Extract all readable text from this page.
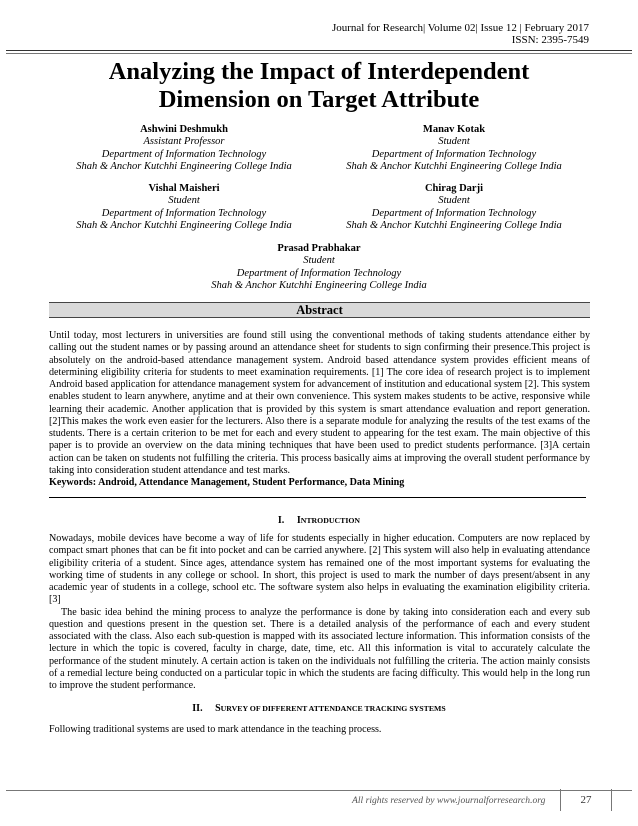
Journal for Research| Volume 02| Issue 12 | February 2017
ISSN: 2395-7549
Analyzing the Impact of Interdependent
Dimension on Target Attribute
Ashwini Deshmukh
Assistant Professor
Department of Information Technology
Shah & Anchor Kutchhi Engineering College India
Manav Kotak
Student
Department of Information Technology
Shah & Anchor Kutchhi Engineering College India
Vishal Maisheri
Student
Department of Information Technology
Shah & Anchor Kutchhi Engineering College India
Chirag Darji
Student
Department of Information Technology
Shah & Anchor Kutchhi Engineering College India
Prasad Prabhakar
Student
Department of Information Technology
Shah & Anchor Kutchhi Engineering College India
Abstract
Until today, most lecturers in universities are found still using the conventional methods of taking students attendance either by calling out the student names or by passing around an attendance sheet for students to sign confirming their presence.This project is absolutely on the android-based attendance management system. Android based attendance system provides efficient means of determining eligibility criteria for students to meet examination requirements. [1] The core idea of research project is to implement Android based application for attendance management system for advancement of institution and educational system [2]. This system enables student to learn anywhere, anytime and at their own convenience. This system makes students to be active, responsive while learning their academic. Another application that is provided by this system is smart attendance evaluation and report generation. [2]This makes the work even easier for the lecturers. Also there is a separate module for analyzing the results of the test exams of the students. There is a certain criterion to be met for each and every student to appearing for the test exam. The main objective of this paper is to provide an overview on the data mining techniques that have been used to predict students performance. [3]A certain action can be taken on students not fulfilling the criteria. This process basically aims at improving the overall student performance by taking into consideration student attendance and test marks.
Keywords: Android, Attendance Management, Student Performance, Data Mining
I. INTRODUCTION
Nowadays, mobile devices have become a way of life for students especially in higher education. Computers are now replaced by compact smart phones that can be fit into pocket and can be carried anywhere. [2] This system will also help in evaluating attendance eligibility criteria of a student. Since ages, attendance system has remained one of the most important systems for evaluating the working time of students in any college or school. In short, this project is used to mark the number of days present/absent in any academic year of students in a college, school etc. The software system also helps in evaluating the examination eligibility criteria. [3]
The basic idea behind the mining process to analyze the performance is done by taking into consideration each and every sub question and questions present in the question set. There is a detailed analysis of the performance of each and every student associated with the class. Also each sub-question is mapped with its associated lecture information. This information consists of the lecture in which the topic is covered, faculty in charge, date, time, etc. All this information is vital to accurately calculate the performance of the student minutely. A certain action is taken on the individuals not fulfilling the criteria. The action mainly consists of a remedial lecture being conducted on a particular topic in which the students are facing difficulty. This would help in the long run to improve the student performance.
II. SURVEY OF DIFFERENT ATTENDANCE TRACKING SYSTEMS
Following traditional systems are used to mark attendance in the teaching process.
All rights reserved by www.journalforresearch.org	27
